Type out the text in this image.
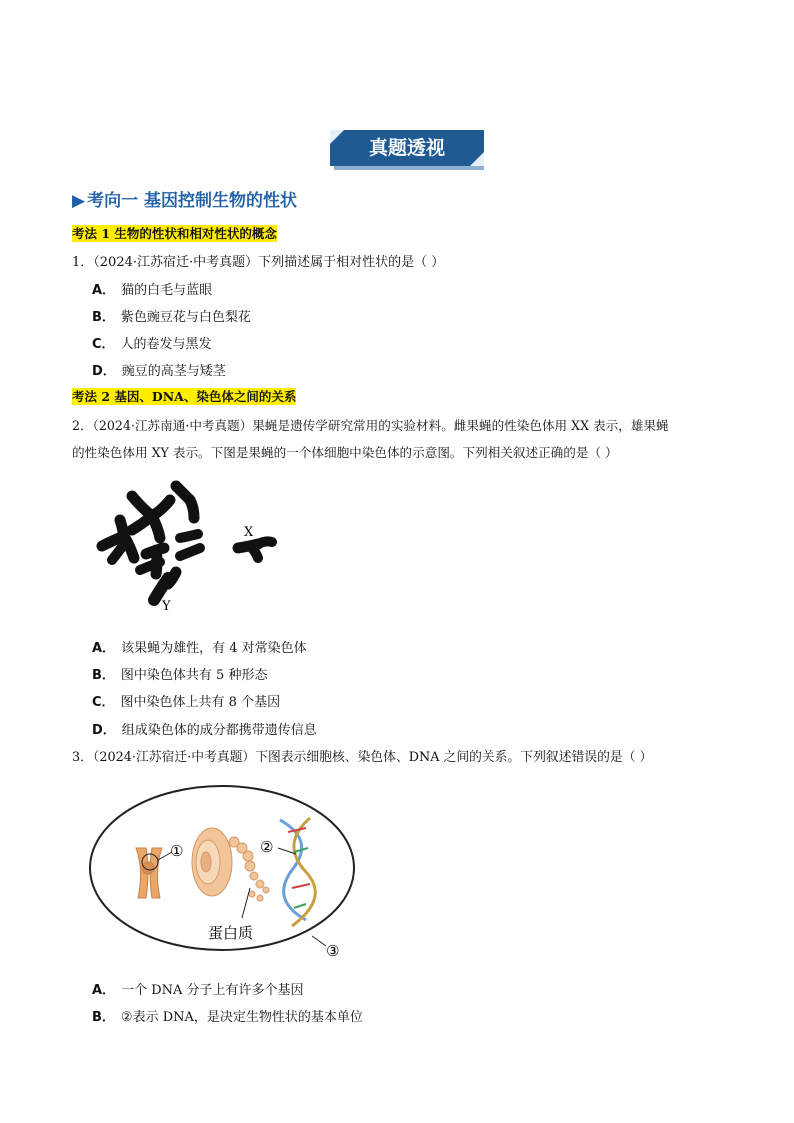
真题透视
▶ 考向一 基因控制生物的性状
考法 1 生物的性状和相对性状的概念
1．（2024·江苏宿迁·中考真题）下列描述属于相对性状的是（ ）
A． 猫的白毛与蓝眼
B． 紫色豌豆花与白色梨花
C． 人的卷发与黑发
D． 豌豆的高茎与矮茎
考法 2 基因、DNA、染色体之间的关系
2．（2024·江苏南通·中考真题）果蝇是遗传学研究常用的实验材料。雌果蝇的性染色体用 XX 表示，雄果蝇
的性染色体用 XY 表示。下图是果蝇的一个体细胞中染色体的示意图。下列相关叙述正确的是（ ）
X
Y
A． 该果蝇为雄性，有 4 对常染色体
B． 图中染色体共有 5 种形态
C． 图中染色体上共有 8 个基因
D． 组成染色体的成分都携带遗传信息
3．（2024·江苏宿迁·中考真题）下图表示细胞核、染色体、DNA 之间的关系。下列叙述错误的是（ ）
①
蛋白质
②
③
A． 一个 DNA 分子上有许多个基因
B． ②表示 DNA，是决定生物性状的基本单位
